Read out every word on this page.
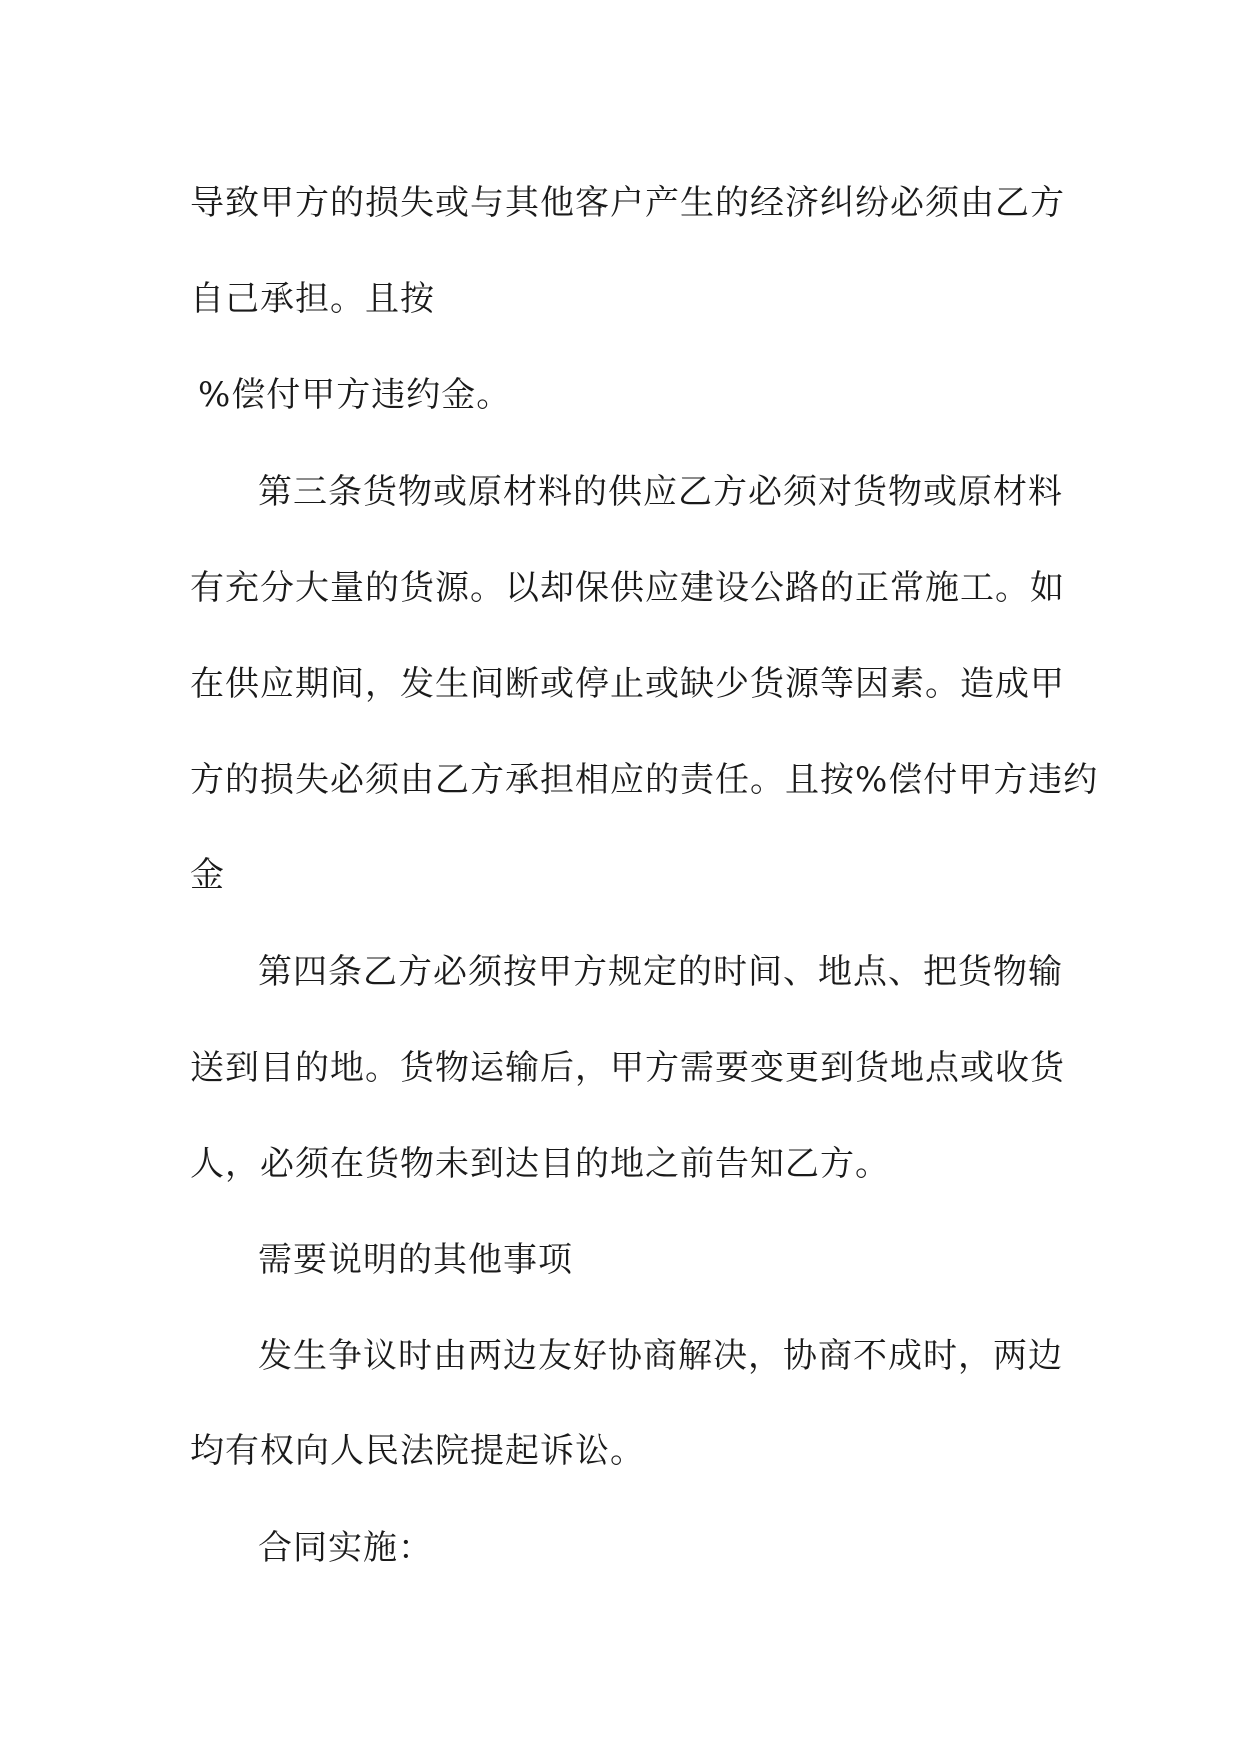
导致甲方的损失或与其他客户产生的经济纠纷必须由乙方
自己承担。且按
%偿付甲方违约金。
第三条货物或原材料的供应乙方必须对货物或原材料
有充分大量的货源。以却保供应建设公路的正常施工。如
在供应期间，发生间断或停止或缺少货源等因素。造成甲
方的损失必须由乙方承担相应的责任。且按%偿付甲方违约
金
第四条乙方必须按甲方规定的时间、地点、把货物输
送到目的地。货物运输后，甲方需要变更到货地点或收货
人，必须在货物未到达目的地之前告知乙方。
需要说明的其他事项
发生争议时由两边友好协商解决，协商不成时，两边
均有权向人民法院提起诉讼。
合同实施：
